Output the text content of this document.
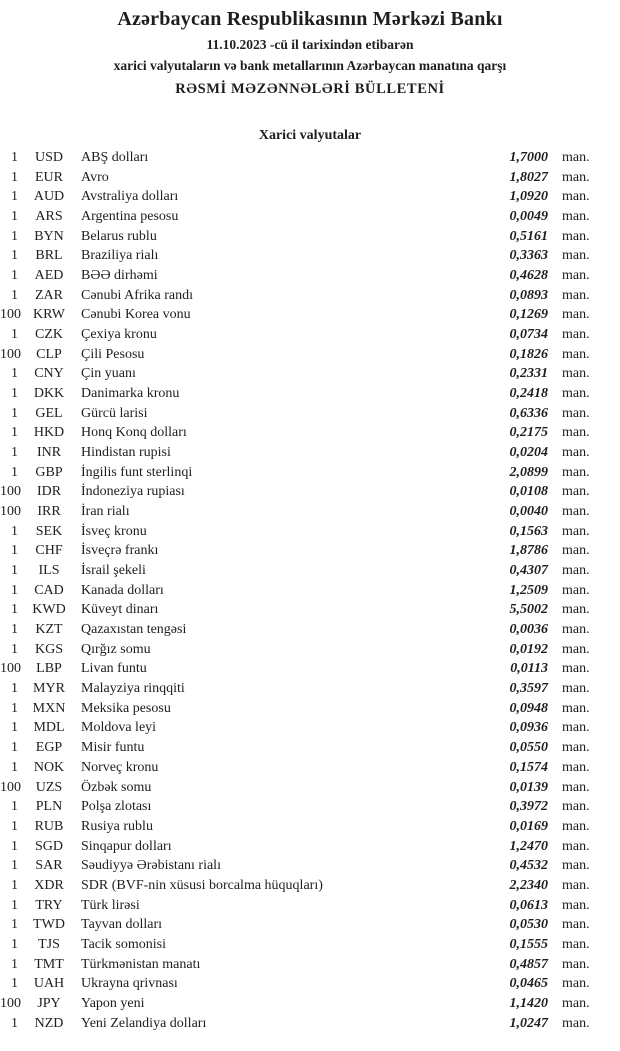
Azərbaycan Respublikasının Mərkəzi Bankı
11.10.2023 -cü il tarixindən etibarən
xarici valyutaların və bank metallarının Azərbaycan manatına qarşı
RƏSMİ MƏZƏNNƏLƏRİ BÜLLETENİ
Xarici valyutalar
1	USD	ABŞ dolları	1,7000	man.
1	EUR	Avro	1,8027	man.
1	AUD	Avstraliya dolları	1,0920	man.
1	ARS	Argentina pesosu	0,0049	man.
1	BYN	Belarus rublu	0,5161	man.
1	BRL	Braziliya rialı	0,3363	man.
1	AED	BƏƏ dirhəmi	0,4628	man.
1	ZAR	Cənubi Afrika randı	0,0893	man.
100 KRW	Cənubi Korea vonu	0,1269	man.
1	CZK	Çexiya kronu	0,0734	man.
100	CLP	Çili Pesosu	0,1826	man.
1	CNY	Çin yuanı	0,2331	man.
1	DKK	Danimarka kronu	0,2418	man.
1	GEL	Gürcü larisi	0,6336	man.
1	HKD	Honq Konq dolları	0,2175	man.
1	INR	Hindistan rupisi	0,0204	man.
1	GBP	İngilis funt sterlinqi	2,0899	man.
100	IDR	İndoneziya rupiası	0,0108	man.
100	IRR	İran rialı	0,0040	man.
1	SEK	İsveç kronu	0,1563	man.
1	CHF	İsveçrə frankı	1,8786	man.
1	ILS	İsrail şekeli	0,4307	man.
1	CAD	Kanada dolları	1,2509	man.
1	KWD	Küveyt dinarı	5,5002	man.
1	KZT	Qazaxıstan tengəsi	0,0036	man.
1	KGS	Qırğız somu	0,0192	man.
100	LBP	Livan funtu	0,0113	man.
1	MYR	Malayziya rinqqiti	0,3597	man.
1	MXN	Meksika pesosu	0,0948	man.
1	MDL	Moldova leyi	0,0936	man.
1	EGP	Misir funtu	0,0550	man.
1	NOK	Norveç kronu	0,1574	man.
100	UZS	Özbək somu	0,0139	man.
1	PLN	Polşa zlotası	0,3972	man.
1	RUB	Rusiya rublu	0,0169	man.
1	SGD	Sinqapur dolları	1,2470	man.
1	SAR	Səudiyyə Ərəbistanı rialı	0,4532	man.
1	XDR	SDR (BVF-nin xüsusi borcalma hüquqları)	2,2340	man.
1	TRY	Türk lirəsi	0,0613	man.
1	TWD	Tayvan dolları	0,0530	man.
1	TJS	Tacik somonisi	0,1555	man.
1	TMT	Türkmənistan manatı	0,4857	man.
1	UAH	Ukrayna qrivnası	0,0465	man.
100	JPY	Yapon yeni	1,1420	man.
1	NZD	Yeni Zelandiya dolları	1,0247	man.
